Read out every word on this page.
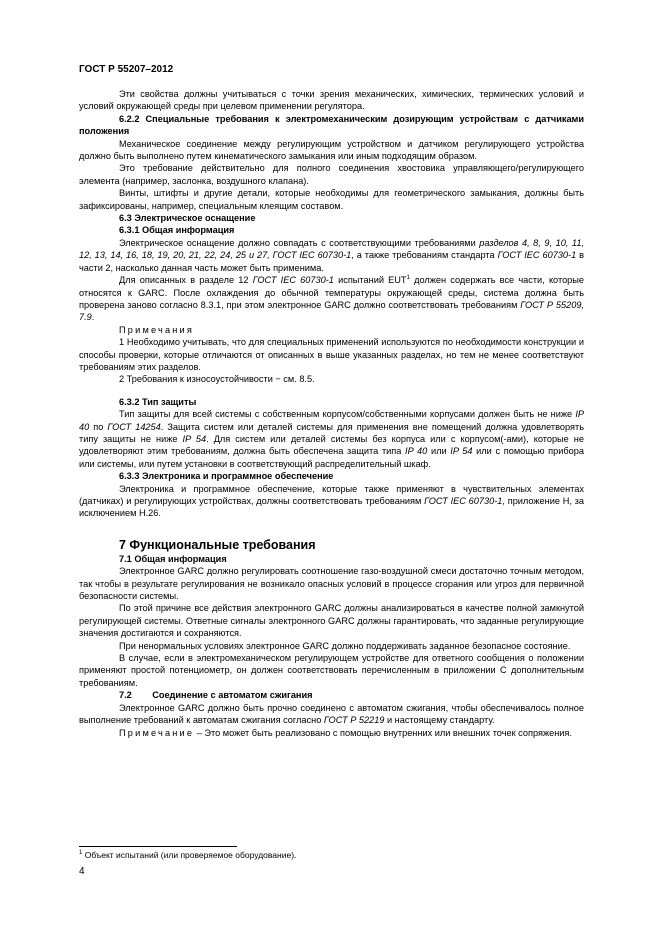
ГОСТ Р 55207–2012

Эти свойства должны учитываться с точки зрения механических, химических, термических условий и условий окружающей среды при целевом применении регулятора.

6.2.2 Специальные требования к электромеханическим дозирующим устройствам с датчиками положения

Механическое соединение между регулирующим устройством и датчиком регулирующего устройства должно быть выполнено путем кинематического замыкания или иным подходящим образом.

Это требование действительно для полного соединения хвостовика управляющего/регулирующего элемента (например, заслонка, воздушного клапана).

Винты, штифты и другие детали, которые необходимы для геометрического замыкания, должны быть зафиксированы, например, специальным клеящим составом.

6.3 Электрическое оснащение

6.3.1 Общая информация

Электрическое оснащение должно совпадать с соответствующими требованиями разделов 4, 8, 9, 10, 11, 12, 13, 14, 16, 18, 19, 20, 21, 22, 24, 25 и 27, ГОСТ IEC 60730-1, а также требованиям стандарта ГОСТ IEC 60730-1 в части 2, насколько данная часть может быть применима.

Для описанных в разделе 12 ГОСТ IEC 60730-1 испытаний EUT$^1$ должен содержать все части, которые относятся к GARC. После охлаждения до обычной температуры окружающей среды, система должна быть проверена заново согласно 8.3.1, при этом электронное GARC должно соответствовать требованиям ГОСТ Р 55209, 7.9.

Примечания

1 Необходимо учитывать, что для специальных применений используются по необходимости конструкции и способы проверки, которые отличаются от описанных в выше указанных разделах, но тем не менее соответствуют требованиям этих разделов.

2 Требования к износоустойчивости − см. 8.5.

6.3.2 Тип защиты

Тип защиты для всей системы с собственным корпусом/собственными корпусами должен быть не ниже IP 40 по ГОСТ 14254. Защита систем или деталей системы для применения вне помещений должна удовлетворять типу защиты не ниже IP 54. Для систем или деталей системы без корпуса или с корпусом(-ами), которые не удовлетворяют этим требованиям, должна быть обеспечена защита типа IP 40 или IP 54 или с помощью прибора или системы, или путем установки в соответствующий распределительный шкаф.

6.3.3 Электроника и программное обеспечение

Электроника и программное обеспечение, которые также применяют в чувствительных элементах (датчиках) и регулирующих устройствах, должны соответствовать требованиям ГОСТ IEC 60730-1, приложение H, за исключением H.26.

7 Функциональные требования

7.1 Общая информация

Электронное GARC должно регулировать соотношение газо-воздушной смеси достаточно точным методом, так чтобы в результате регулирования не возникало опасных условий в процессе сгорания или угроз для первичной безопасности системы.

По этой причине все действия электронного GARC должны анализироваться в качестве полной замкнутой регулирующей системы. Ответные сигналы электронного GARC должны гарантировать, что заданные регулирующие значения достигаются и сохраняются.

При ненормальных условиях электронное GARC должно поддерживать заданное безопасное состояние.

В случае, если в электромеханическом регулирующем устройстве для ответного сообщения о положении применяют простой потенциометр, он должен соответствовать перечисленным в приложении C дополнительным требованиям.

7.2        Соединение с автоматом сжигания

Электронное GARC должно быть прочно соединено с автоматом сжигания, чтобы обеспечивалось полное выполнение требований к автоматам сжигания согласно ГОСТ Р 52219 и настоящему стандарту.

Примечание – Это может быть реализовано с помощью внутренних или внешних точек сопряжения.

$^1$ Объект испытаний (или проверяемое оборудование).
4
